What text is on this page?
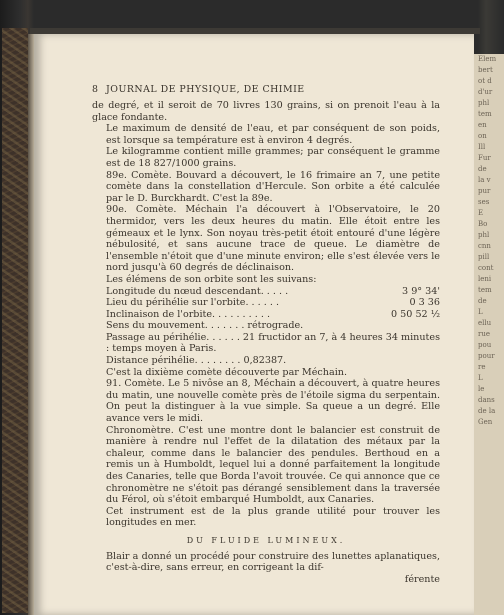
Elem
bert
ot d
d'ur
phl
tem
en
on
Ill
Fur
de
la v
pur
ses
E
Bo
phl
cnn
pill
cont
leni
tem
de
L
ellu
rue
pou
pour
re
L
le
dans
de la
Gen
8 JOURNAL DE PHYSIQUE, DE CHIMIE

de degré, et il seroit de 70 livres 130 grains, si on prenoit l'eau à la glace fondante.

Le maximum de densité de l'eau, et par conséquent de son poids, est lorsque sa température est à environ 4 degrés.

Le kilogramme contient mille grammes; par conséquent le gramme est de 18 827/1000 grains.

89e. Comète. Bouvard a découvert, le 16 frimaire an 7, une petite comète dans la constellation d'Hercule. Son orbite a été calculée par le D. Burckhardt. C'est la 89e.

90e. Comète. Méchain l'a découvert à l'Observatoire, le 20 thermidor, vers les deux heures du matin. Elle étoit entre les gémeaux et le lynx. Son noyau très-petit étoit entouré d'une légère nébulosité, et sans aucune trace de queue. Le diamètre de l'ensemble n'étoit que d'une minute environ; elle s'est élevée vers le nord jusqu'à 60 degrés de déclinaison.

Les élémens de son orbite sont les suivans:

Longitude du nœud descendant. . . . .	3 9° 34'
Lieu du périhélie sur l'orbite. . . . . .	0 3 36
Inclinaison de l'orbite. . . . . . . . . .	0 50 52 ½
Sens du mouvement. . . . . . . rétrograde.

Passage au périhélie. . . . . . 21 fructidor an 7, à 4 heures 34 minutes : temps moyen à Paris.

Distance périhélie. . . . . . . . 0,82387.

C'est la dixième comète découverte par Méchain.

91. Comète. Le 5 nivôse an 8, Méchain a découvert, à quatre heures du matin, une nouvelle comète près de l'étoile sigma du serpentain. On peut la distinguer à la vue simple. Sa queue a un degré. Elle avance vers le midi.

Chronomètre. C'est une montre dont le balancier est construit de manière à rendre nul l'effet de la dilatation des métaux par la chaleur, comme dans le balancier des pendules. Berthoud en a remis un à Humboldt, lequel lui a donné parfaitement la longitude des Canaries, telle que Borda l'avoit trouvée. Ce qui annonce que ce chronomètre ne s'étoit pas dérangé sensiblement dans la traversée du Férol, où s'étoit embarqué Humboldt, aux Canaries.

Cet instrument est de la plus grande utilité pour trouver les longitudes en mer.

DU FLUIDE LUMINEUX.

Blair a donné un procédé pour construire des lunettes aplanatiques, c'est-à-dire, sans erreur, en corrigeant la dif-

férente
